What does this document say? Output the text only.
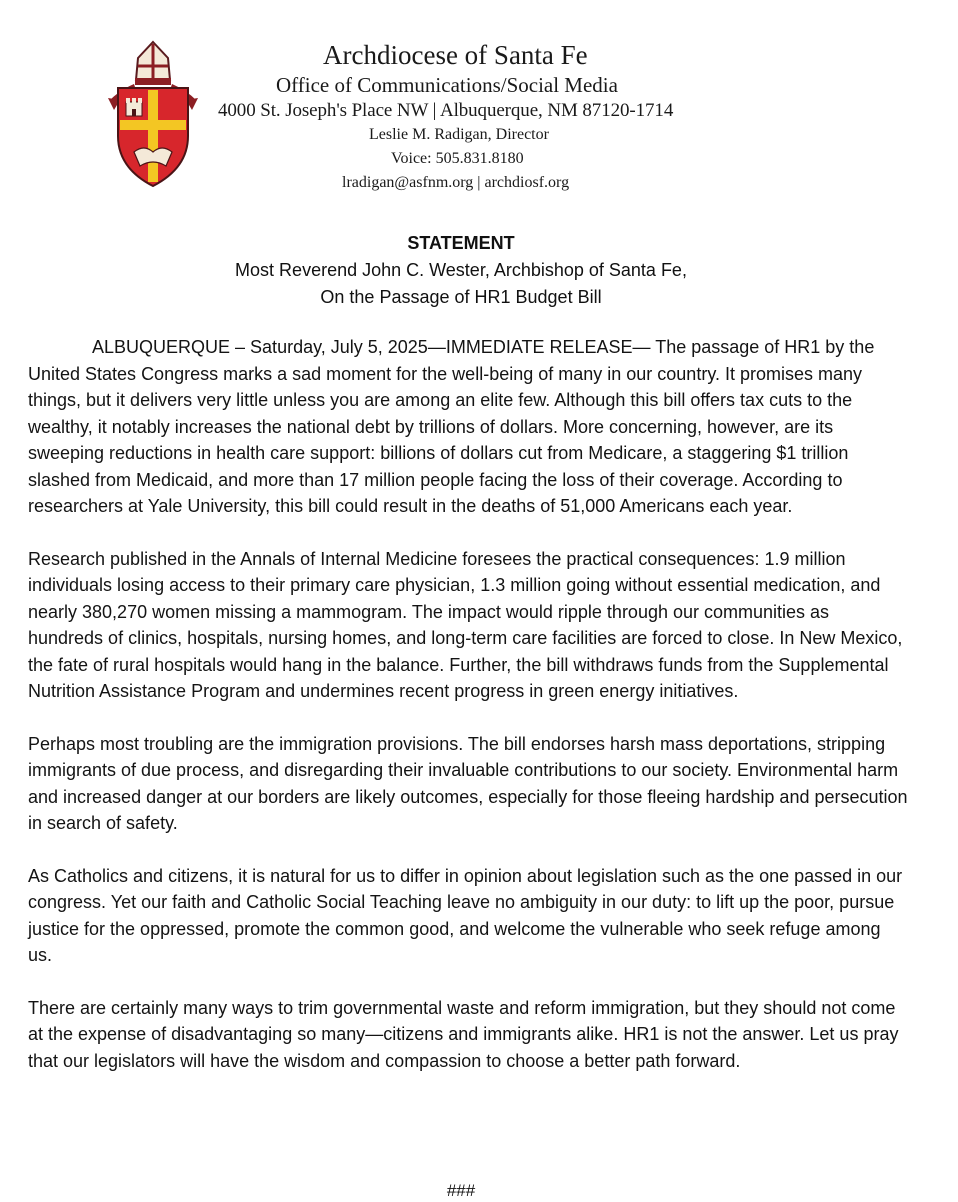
Archdiocese of Santa Fe
Office of Communications/Social Media
4000 St. Joseph's Place NW | Albuquerque, NM 87120-1714
Leslie M. Radigan, Director
Voice: 505.831.8180
lradigan@asfnm.org | archdiosf.org
STATEMENT
Most Reverend John C. Wester, Archbishop of Santa Fe,
On the Passage of HR1 Budget Bill

ALBUQUERQUE – Saturday, July 5, 2025—IMMEDIATE RELEASE— The passage of HR1 by the United States Congress marks a sad moment for the well-being of many in our country. It promises many things, but it delivers very little unless you are among an elite few. Although this bill offers tax cuts to the wealthy, it notably increases the national debt by trillions of dollars. More concerning, however, are its sweeping reductions in health care support: billions of dollars cut from Medicare, a staggering $1 trillion slashed from Medicaid, and more than 17 million people facing the loss of their coverage. According to researchers at Yale University, this bill could result in the deaths of 51,000 Americans each year.

Research published in the Annals of Internal Medicine foresees the practical consequences: 1.9 million individuals losing access to their primary care physician, 1.3 million going without essential medication, and nearly 380,270 women missing a mammogram. The impact would ripple through our communities as hundreds of clinics, hospitals, nursing homes, and long-term care facilities are forced to close. In New Mexico, the fate of rural hospitals would hang in the balance. Further, the bill withdraws funds from the Supplemental Nutrition Assistance Program and undermines recent progress in green energy initiatives.

Perhaps most troubling are the immigration provisions. The bill endorses harsh mass deportations, stripping immigrants of due process, and disregarding their invaluable contributions to our society. Environmental harm and increased danger at our borders are likely outcomes, especially for those fleeing hardship and persecution in search of safety.

As Catholics and citizens, it is natural for us to differ in opinion about legislation such as the one passed in our congress. Yet our faith and Catholic Social Teaching leave no ambiguity in our duty: to lift up the poor, pursue justice for the oppressed, promote the common good, and welcome the vulnerable who seek refuge among us.

There are certainly many ways to trim governmental waste and reform immigration, but they should not come at the expense of disadvantaging so many—citizens and immigrants alike. HR1 is not the answer. Let us pray that our legislators will have the wisdom and compassion to choose a better path forward.

###
